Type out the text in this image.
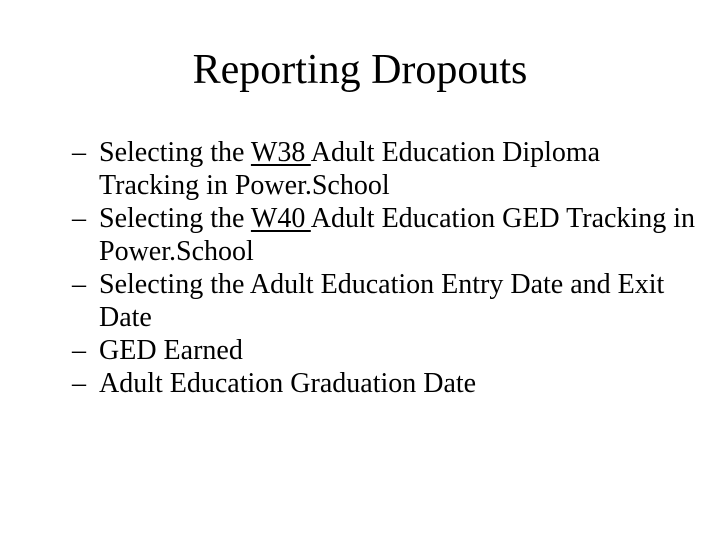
Reporting Dropouts
– Selecting the W38 Adult Education Diploma Tracking in Power.School
– Selecting the W40 Adult Education GED Tracking in Power.School
– Selecting the Adult Education Entry Date and Exit Date
– GED Earned
– Adult Education Graduation Date
